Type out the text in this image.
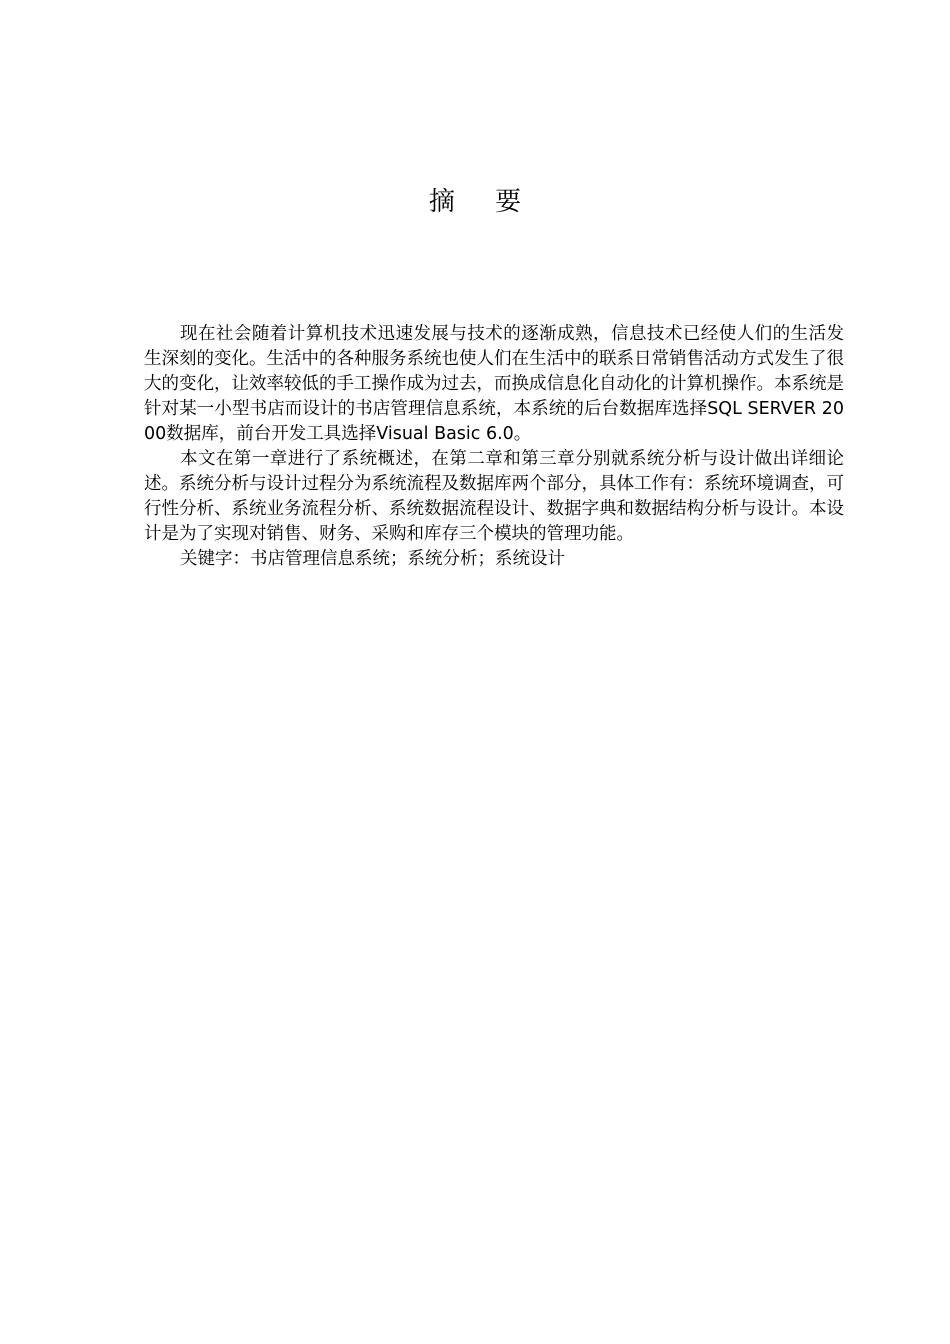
摘 要

现在社会随着计算机技术迅速发展与技术的逐渐成熟，信息技术已经使人们的生活发生深刻的变化。生活中的各种服务系统也使人们在生活中的联系日常销售活动方式发生了很大的变化，让效率较低的手工操作成为过去，而换成信息化自动化的计算机操作。本系统是针对某一小型书店而设计的书店管理信息系统，本系统的后台数据库选择SQL SERVER 2000数据库，前台开发工具选择Visual Basic 6.0。

本文在第一章进行了系统概述，在第二章和第三章分别就系统分析与设计做出详细论述。系统分析与设计过程分为系统流程及数据库两个部分，具体工作有：系统环境调查，可行性分析、系统业务流程分析、系统数据流程设计、数据字典和数据结构分析与设计。本设计是为了实现对销售、财务、采购和库存三个模块的管理功能。

关键字：书店管理信息系统；系统分析；系统设计
